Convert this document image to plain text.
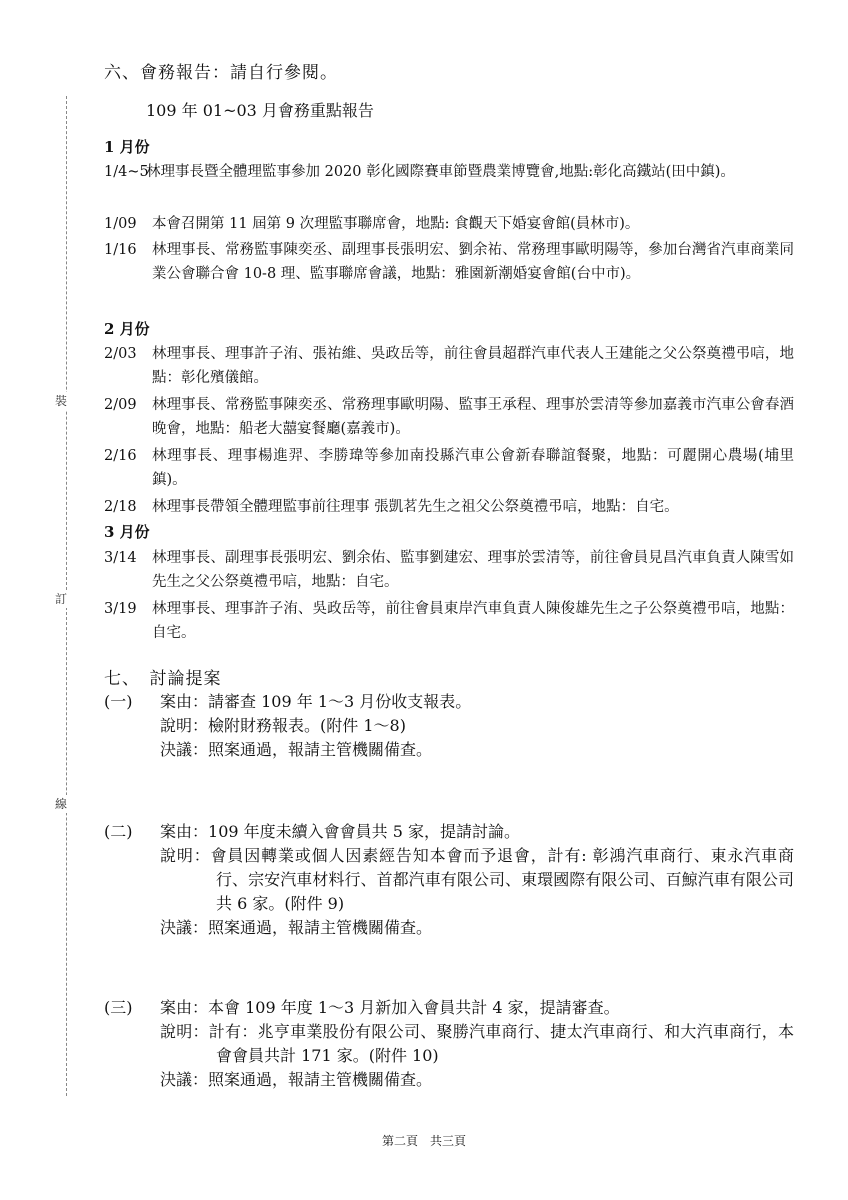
裝
訂
線
六、會務報告：請自行參閱。
109 年 01~03 月會務重點報告
1 月份
1/4~5
林理事長暨全體理監事參加 2020 彰化國際賽車節暨農業博覽會,地點:彰化高鐵站(田中鎮)。
1/09 本會召開第 11 屆第 9 次理監事聯席會，地點: 食觀天下婚宴會館(員林市)。
1/16 林理事長、常務監事陳奕丞、副理事長張明宏、劉余祐、常務理事歐明陽等，參加台灣省汽車商業同業公會聯合會 10-8 理、監事聯席會議，地點：雅園新潮婚宴會館(台中市)。
2 月份
2/03 林理事長、理事許子洧、張祐維、吳政岳等，前往會員超群汽車代表人王建能之父公祭奠禮弔唁，地點：彰化殯儀館。
2/09 林理事長、常務監事陳奕丞、常務理事歐明陽、監事王承程、理事於雲清等參加嘉義市汽車公會春酒晚會，地點：船老大囍宴餐廳(嘉義市)。
2/16 林理事長、理事楊進羿、李勝瑋等參加南投縣汽車公會新春聯誼餐聚，地點：可麗開心農場(埔里鎮)。
2/18 林理事長帶領全體理監事前往理事 張凱茗先生之祖父公祭奠禮弔唁，地點：自宅。
3 月份
3/14 林理事長、副理事長張明宏、劉余佑、監事劉建宏、理事於雲清等，前往會員見昌汽車負責人陳雪如先生之父公祭奠禮弔唁，地點：自宅。
3/19 林理事長、理事許子洧、吳政岳等，前往會員東岸汽車負責人陳俊雄先生之子公祭奠禮弔唁，地點：自宅。
七、　討論提案
(一) 案由：請審查 109 年 1～3 月份收支報表。
說明：檢附財務報表。(附件 1～8)
決議：照案通過，報請主管機關備查。
(二) 案由：109 年度未續入會會員共 5 家，提請討論。
說明：會員因轉業或個人因素經告知本會而予退會，計有: 彰鴻汽車商行、東永汽車商行、宗安汽車材料行、首都汽車有限公司、東環國際有限公司、百鯨汽車有限公司共 6 家。(附件 9)
決議：照案通過，報請主管機關備查。
(三) 案由：本會 109 年度 1～3 月新加入會員共計 4 家，提請審查。
說明：計有：兆亨車業股份有限公司、聚勝汽車商行、捷太汽車商行、和大汽車商行，本會會員共計 171 家。(附件 10)
決議：照案通過，報請主管機關備查。
第二頁　共三頁
